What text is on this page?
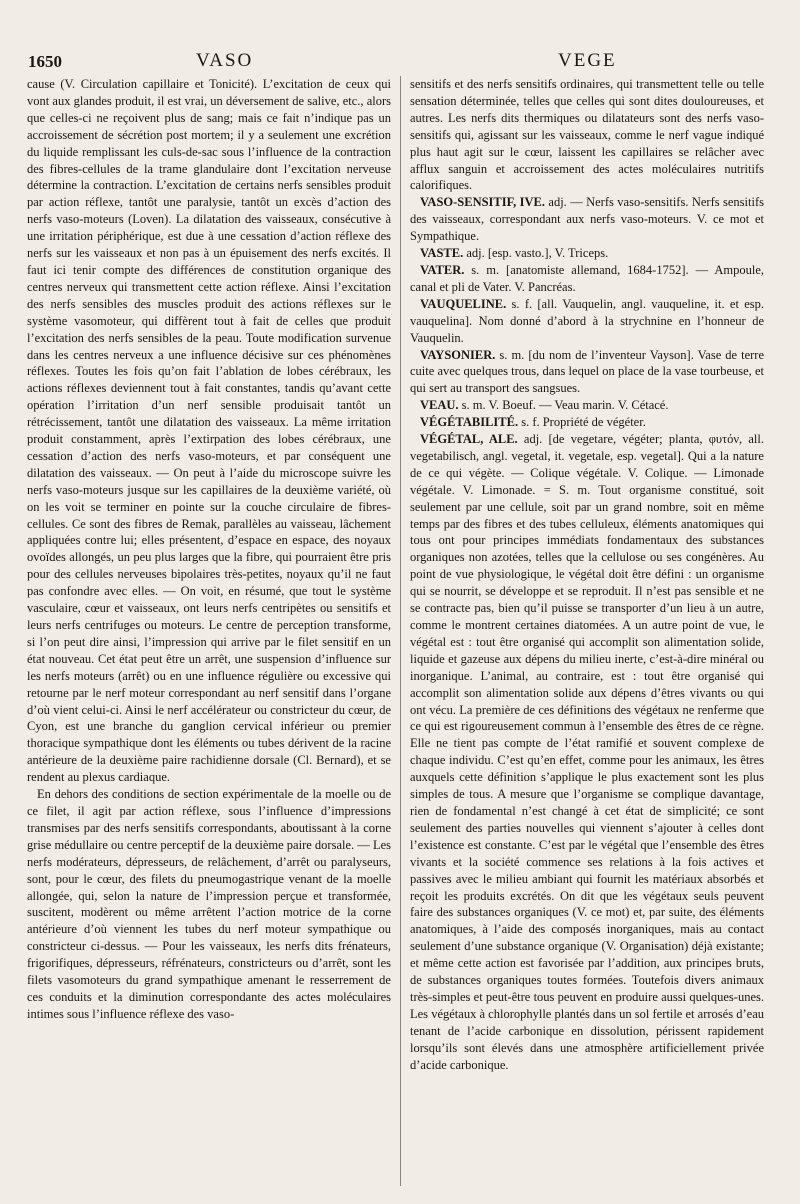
1650	VASO	VEGE

cause (V. Circulation capillaire et Tonicité). L’excitation de ceux qui vont aux glandes produit, il est vrai, un déversement de salive, etc., alors que celles-ci ne reçoivent plus de sang; mais ce fait n’indique pas un accroissement de sécrétion post mortem; il y a seulement une excrétion du liquide remplissant les culs-de-sac sous l’influence de la contraction des fibres-cellules de la trame glandulaire dont l’excitation nerveuse détermine la contraction. L’excitation de certains nerfs sensibles produit par action réflexe, tantôt une paralysie, tantôt un excès d’action des nerfs vaso-moteurs (Loven). La dilatation des vaisseaux, consécutive à une irritation périphérique, est due à une cessation d’action réflexe des nerfs sur les vaisseaux et non pas à un épuisement des nerfs excités. Il faut ici tenir compte des différences de constitution organique des centres nerveux qui transmettent cette action réflexe. Ainsi l’excitation des nerfs sensibles des muscles produit des actions réflexes sur le système vasomoteur, qui diffèrent tout à fait de celles que produit l’excitation des nerfs sensibles de la peau. Toute modification survenue dans les centres nerveux a une influence décisive sur ces phénomènes réflexes. Toutes les fois qu’on fait l’ablation de lobes cérébraux, les actions réflexes deviennent tout à fait constantes, tandis qu’avant cette opération l’irritation d’un nerf sensible produisait tantôt un rétrécissement, tantôt une dilatation des vaisseaux. La même irritation produit constamment, après l’extirpation des lobes cérébraux, une cessation d’action des nerfs vaso-moteurs, et par conséquent une dilatation des vaisseaux. — On peut à l’aide du microscope suivre les nerfs vaso-moteurs jusque sur les capillaires de la deuxième variété, où on les voit se terminer en pointe sur la couche circulaire de fibres-cellules. Ce sont des fibres de Remak, parallèles au vaisseau, lâchement appliquées contre lui; elles présentent, d’espace en espace, des noyaux ovoïdes allongés, un peu plus larges que la fibre, qui pourraient être pris pour des cellules nerveuses bipolaires très-petites, noyaux qu’il ne faut pas confondre avec elles. — On voit, en résumé, que tout le système vasculaire, cœur et vaisseaux, ont leurs nerfs centripètes ou sensitifs et leurs nerfs centrifuges ou moteurs. Le centre de perception transforme, si l’on peut dire ainsi, l’impression qui arrive par le filet sensitif en un état nouveau. Cet état peut être un arrêt, une suspension d’influence sur les nerfs moteurs (arrêt) ou en une influence régulière ou excessive qui retourne par le nerf moteur correspondant au nerf sensitif dans l’organe d’où vient celui-ci. Ainsi le nerf accélérateur ou constricteur du cœur, de Cyon, est une branche du ganglion cervical inférieur ou premier thoracique sympathique dont les éléments ou tubes dérivent de la racine antérieure de la deuxième paire rachidienne dorsale (Cl. Bernard), et se rendent au plexus cardiaque.

En dehors des conditions de section expérimentale de la moelle ou de ce filet, il agit par action réflexe, sous l’influence d’impressions transmises par des nerfs sensitifs correspondants, aboutissant à la corne grise médullaire ou centre perceptif de la deuxième paire dorsale. — Les nerfs modérateurs, dépresseurs, de relâchement, d’arrêt ou paralyseurs, sont, pour le cœur, des filets du pneumogastrique venant de la moelle allongée, qui, selon la nature de l’impression perçue et transformée, suscitent, modèrent ou même arrêtent l’action motrice de la corne antérieure d’où viennent les tubes du nerf moteur sympathique ou constricteur ci-dessus. — Pour les vaisseaux, les nerfs dits frénateurs, frigorifiques, dépresseurs, réfrénateurs, constricteurs ou d’arrêt, sont les filets vasomoteurs du grand sympathique amenant le resserrement de ces conduits et la diminution correspondante des actes moléculaires intimes sous l’influence réflexe des vaso-

sensitifs et des nerfs sensitifs ordinaires, qui transmettent telle ou telle sensation déterminée, telles que celles qui sont dites douloureuses, et autres. Les nerfs dits thermiques ou dilatateurs sont des nerfs vaso-sensitifs qui, agissant sur les vaisseaux, comme le nerf vague indiqué plus haut agit sur le cœur, laissent les capillaires se relâcher avec afflux sanguin et accroissement des actes moléculaires nutritifs calorifiques.

VASO-SENSITIF, IVE. adj. — Nerfs vaso-sensitifs. Nerfs sensitifs des vaisseaux, correspondant aux nerfs vaso-moteurs. V. ce mot et Sympathique.

VASTE. adj. [esp. vasto.], V. Triceps.

VATER. s. m. [anatomiste allemand, 1684-1752]. — Ampoule, canal et pli de Vater. V. Pancréas.

VAUQUELINE. s. f. [all. Vauquelin, angl. vauqueline, it. et esp. vauquelina]. Nom donné d’abord à la strychnine en l’honneur de Vauquelin.

VAYSONIER. s. m. [du nom de l’inventeur Vayson]. Vase de terre cuite avec quelques trous, dans lequel on place de la vase tourbeuse, et qui sert au transport des sangsues.

VEAU. s. m. V. Boeuf. — Veau marin. V. Cétacé.

VÉGÉTABILITÉ. s. f. Propriété de végéter.

VÉGÉTAL, ALE. adj. [de vegetare, végéter; planta, φυτόν, all. vegetabilisch, angl. vegetal, it. vegetale, esp. vegetal]. Qui a la nature de ce qui végète. — Colique végétale. V. Colique. — Limonade végétale. V. Limonade. = S. m. Tout organisme constitué, soit seulement par une cellule, soit par un grand nombre, soit en même temps par des fibres et des tubes celluleux, éléments anatomiques qui tous ont pour principes immédiats fondamentaux des substances organiques non azotées, telles que la cellulose ou ses congénères. Au point de vue physiologique, le végétal doit être défini : un organisme qui se nourrit, se développe et se reproduit. Il n’est pas sensible et ne se contracte pas, bien qu’il puisse se transporter d’un lieu à un autre, comme le montrent certaines diatomées. A un autre point de vue, le végétal est : tout être organisé qui accomplit son alimentation solide, liquide et gazeuse aux dépens du milieu inerte, c’est-à-dire minéral ou inorganique. L’animal, au contraire, est : tout être organisé qui accomplit son alimentation solide aux dépens d’êtres vivants ou qui ont vécu. La première de ces définitions des végétaux ne renferme que ce qui est rigoureusement commun à l’ensemble des êtres de ce règne. Elle ne tient pas compte de l’état ramifié et souvent complexe de chaque individu. C’est qu’en effet, comme pour les animaux, les êtres auxquels cette définition s’applique le plus exactement sont les plus simples de tous. A mesure que l’organisme se complique davantage, rien de fondamental n’est changé à cet état de simplicité; ce sont seulement des parties nouvelles qui viennent s’ajouter à celles dont l’existence est constante. C’est par le végétal que l’ensemble des êtres vivants et la société commence ses relations à la fois actives et passives avec le milieu ambiant qui fournit les matériaux absorbés et reçoit les produits excrétés. On dit que les végétaux seuls peuvent faire des substances organiques (V. ce mot) et, par suite, des éléments anatomiques, à l’aide des composés inorganiques, mais au contact seulement d’une substance organique (V. Organisation) déjà existante; et même cette action est favorisée par l’addition, aux principes bruts, de substances organiques toutes formées. Toutefois divers animaux très-simples et peut-être tous peuvent en produire aussi quelques-unes. Les végétaux à chlorophylle plantés dans un sol fertile et arrosés d’eau tenant de l’acide carbonique en dissolution, périssent rapidement lorsqu’ils sont élevés dans une atmosphère artificiellement privée d’acide carbonique.
